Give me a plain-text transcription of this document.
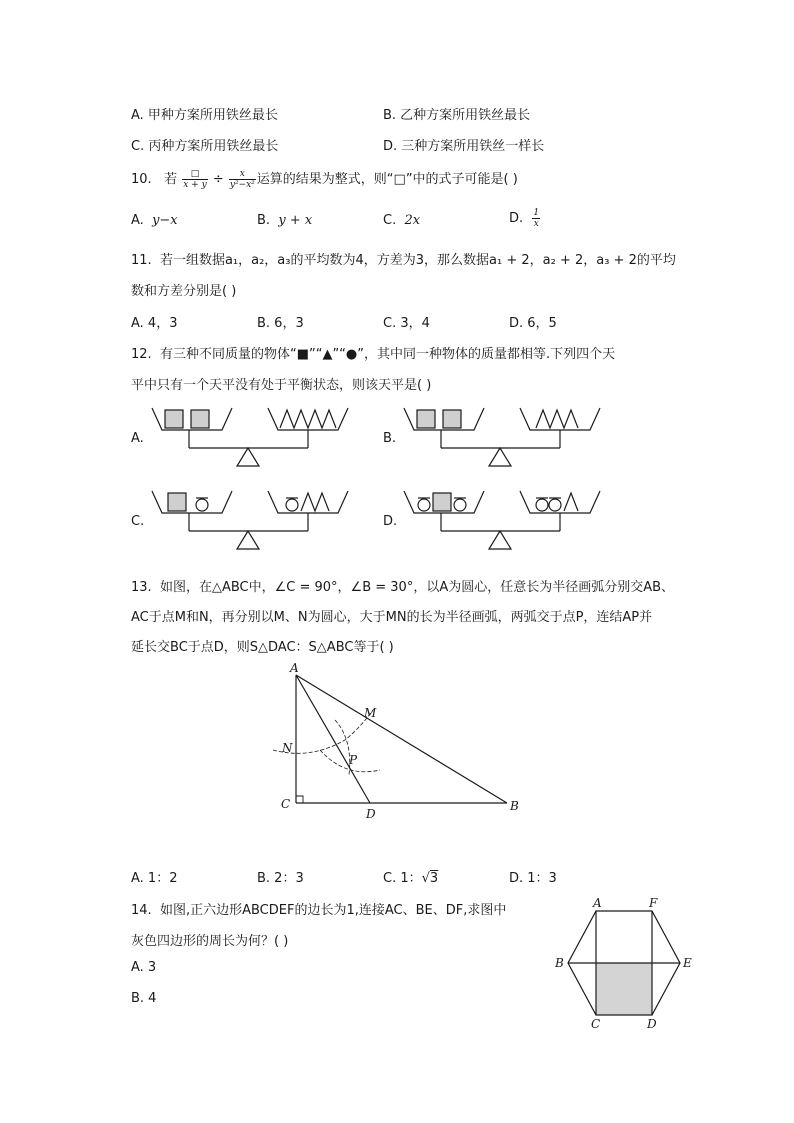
A. 甲种方案所用铁丝最长	B. 乙种方案所用铁丝最长
C. 丙种方案所用铁丝最长	D. 三种方案所用铁丝一样长
10. 若 $\frac{□}{x + y} \div \frac{x}{\text{y²−x²}}$ 运算的结果为整式，则“□”中的式子可能是( )
A. y−x	B. y + x	C. 2x	D. $\frac{1}{x}$
11. 若一组数据a₁，a₂，a₃的平均数为4，方差为3，那么数据a₁ + 2，a₂ + 2，a₃ + 2的平均
数和方差分别是( )
A. 4，3	B. 6，3	C. 3，4	D. 6，5
12. 有三种不同质量的物体“■”“▲”“●”，其中同一种物体的质量都相等.下列四个天
平中只有一个天平没有处于平衡状态，则该天平是( )
A.	B.
C.	D.
13. 如图，在△ABC中，∠C = 90°，∠B = 30°，以A为圆心，任意长为半径画弧分别交AB、
AC于点M和N，再分别以M、N为圆心，大于MN的长为半径画弧，两弧交于点P，连结AP并
延长交BC于点D，则S△DAC：S△ABC等于( )
A
M
N
P
C
D
B
A. 1：2	B. 2：3	C. 1：√3	D. 1：3
14. 如图,正六边形ABCDEF的边长为1,连接AC、BE、DF,求图中
灰色四边形的周长为何？( )
A. 3
B. 4
A	F
B	E
C	D
